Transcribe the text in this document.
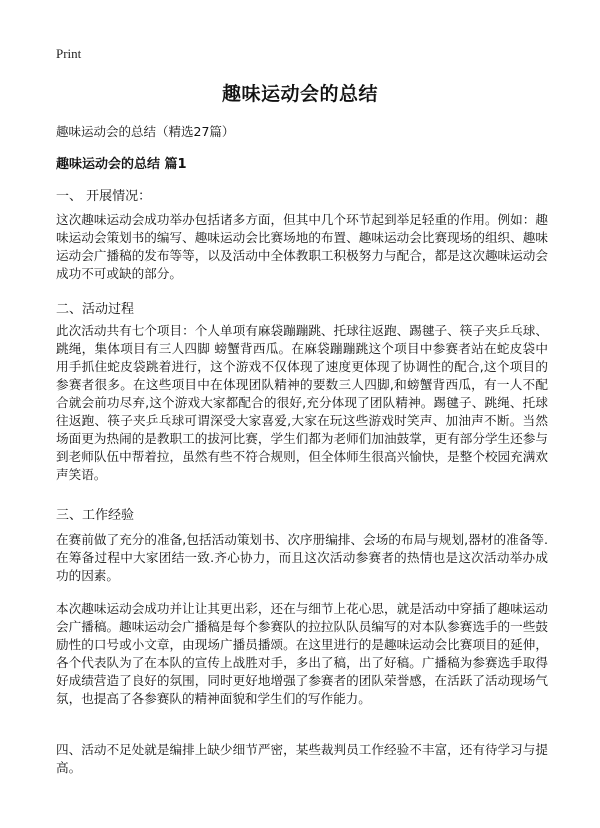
Print
趣味运动会的总结
趣味运动会的总结（精选27篇）
趣味运动会的总结 篇1
一、 开展情况：
这次趣味运动会成功举办包括诸多方面，但其中几个环节起到举足轻重的作用。例如：趣味运动会策划书的编写、趣味运动会比赛场地的布置、趣味运动会比赛现场的组织、趣味运动会广播稿的发布等等，以及活动中全体教职工积极努力与配合，都是这次趣味运动会成功不可或缺的部分。
二、活动过程
此次活动共有七个项目：个人单项有麻袋蹦蹦跳、托球往返跑、踢毽子、筷子夹乒乓球、跳绳，集体项目有三人四脚 螃蟹背西瓜。在麻袋蹦蹦跳这个项目中参赛者站在蛇皮袋中用手抓住蛇皮袋跳着进行，这个游戏不仅体现了速度更体现了协调性的配合,这个项目的参赛者很多。在这些项目中在体现团队精神的要数三人四脚,和螃蟹背西瓜，有一人不配合就会前功尽弃,这个游戏大家都配合的很好,充分体现了团队精神。踢毽子、跳绳、托球往返跑、筷子夹乒乓球可谓深受大家喜爱,大家在玩这些游戏时笑声、加油声不断。当然场面更为热闹的是教职工的拔河比赛，学生们都为老师们加油鼓掌，更有部分学生还参与到老师队伍中帮着拉，虽然有些不符合规则，但全体师生很高兴愉快，是整个校园充满欢声笑语。
三、工作经验
在赛前做了充分的准备,包括活动策划书、次序册编排、会场的布局与规划,器材的准备等.在筹备过程中大家团结一致.齐心协力，而且这次活动参赛者的热情也是这次活动举办成功的因素。
本次趣味运动会成功并让让其更出彩，还在与细节上花心思，就是活动中穿插了趣味运动会广播稿。趣味运动会广播稿是每个参赛队的拉拉队队员编写的对本队参赛选手的一些鼓励性的口号或小文章，由现场广播员播颂。在这里进行的是趣味运动会比赛项目的延伸，各个代表队为了在本队的宣传上战胜对手，多出了稿，出了好稿。广播稿为参赛选手取得好成绩营造了良好的氛围，同时更好地增强了参赛者的团队荣誉感，在活跃了活动现场气氛，也提高了各参赛队的精神面貌和学生们的写作能力。
四、活动不足处就是编排上缺少细节严密，某些裁判员工作经验不丰富，还有待学习与提高。
